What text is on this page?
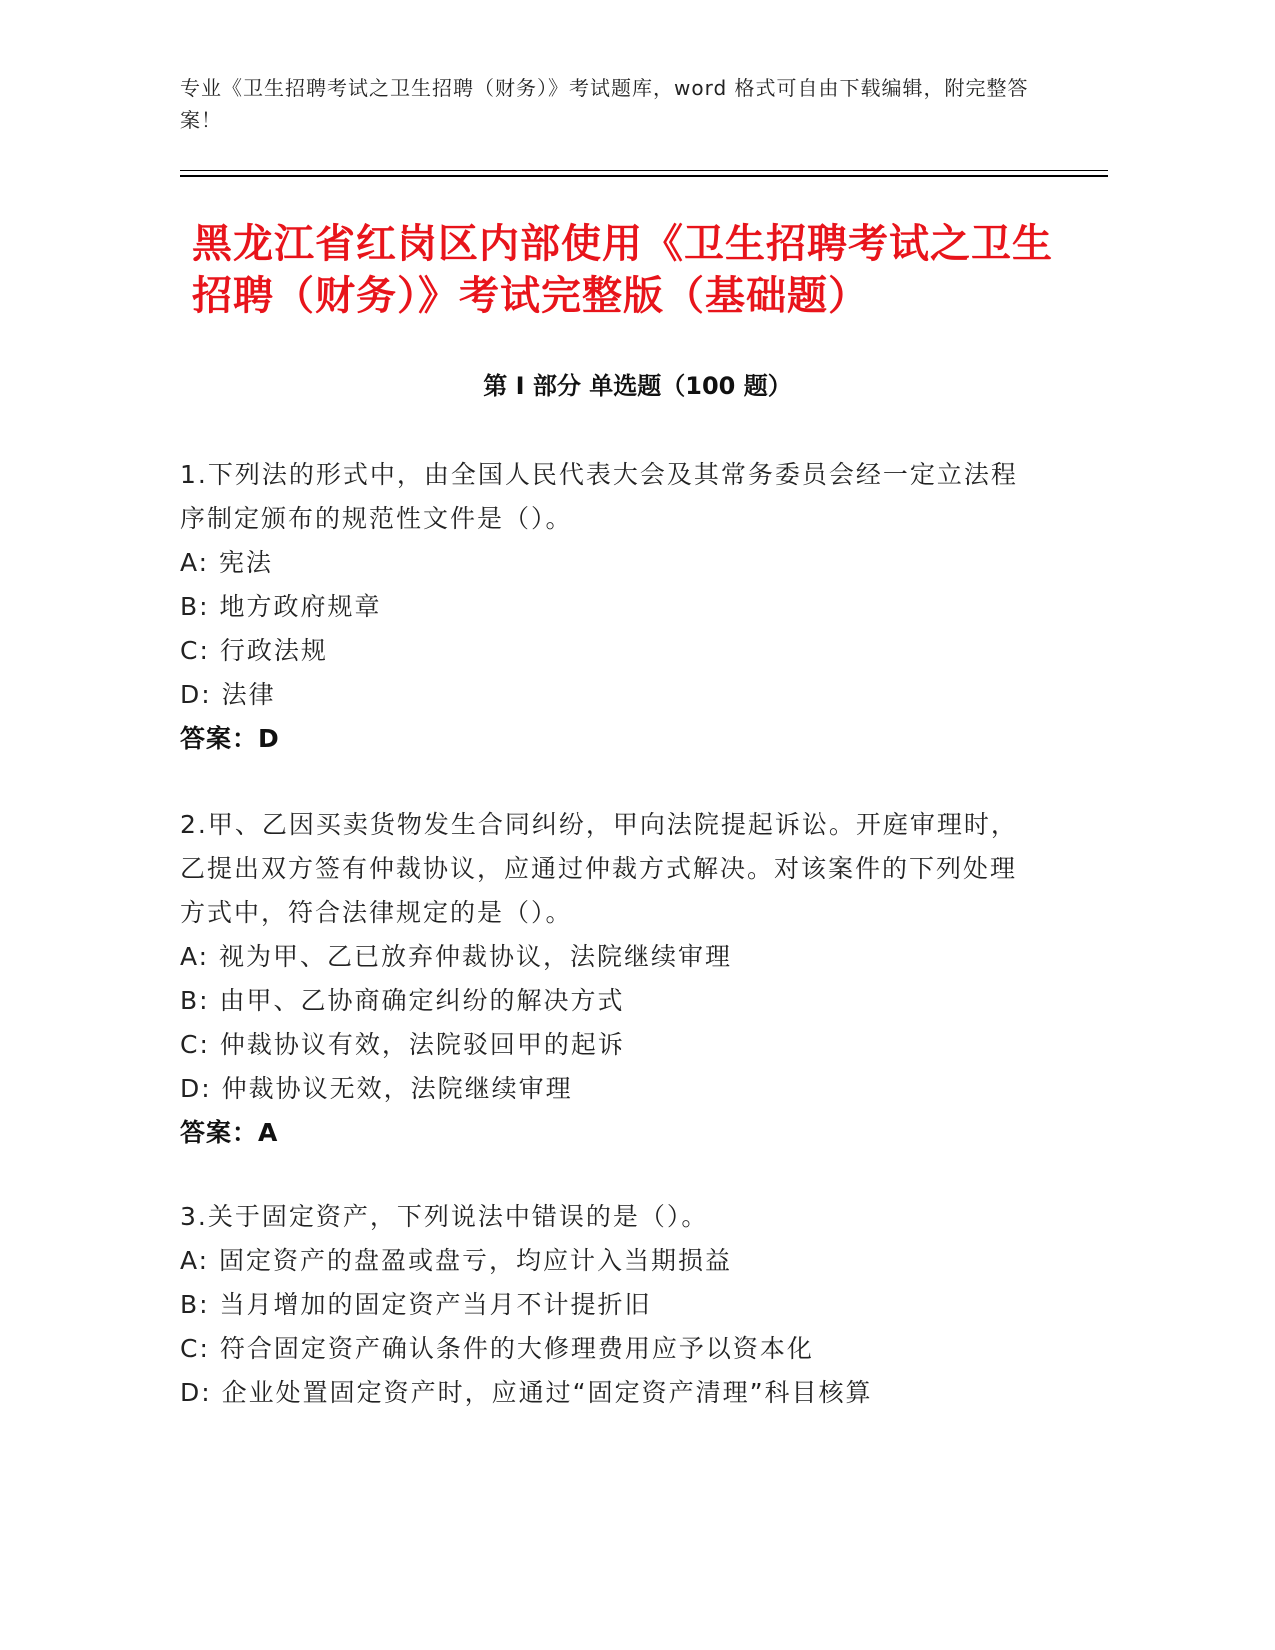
专业《卫生招聘考试之卫生招聘（财务）》考试题库，word 格式可自由下载编辑，附完整答案！
黑龙江省红岗区内部使用《卫生招聘考试之卫生招聘（财务）》考试完整版（基础题）
第 I 部分 单选题（100 题）
1.下列法的形式中，由全国人民代表大会及其常务委员会经一定立法程序制定颁布的规范性文件是（）。
A: 宪法
B: 地方政府规章
C: 行政法规
D: 法律
答案：D
2.甲、乙因买卖货物发生合同纠纷，甲向法院提起诉讼。开庭审理时，乙提出双方签有仲裁协议，应通过仲裁方式解决。对该案件的下列处理方式中，符合法律规定的是（）。
A: 视为甲、乙已放弃仲裁协议，法院继续审理
B: 由甲、乙协商确定纠纷的解决方式
C: 仲裁协议有效，法院驳回甲的起诉
D: 仲裁协议无效，法院继续审理
答案：A
3.关于固定资产，下列说法中错误的是（）。
A: 固定资产的盘盈或盘亏，均应计入当期损益
B: 当月增加的固定资产当月不计提折旧
C: 符合固定资产确认条件的大修理费用应予以资本化
D: 企业处置固定资产时，应通过“固定资产清理”科目核算
